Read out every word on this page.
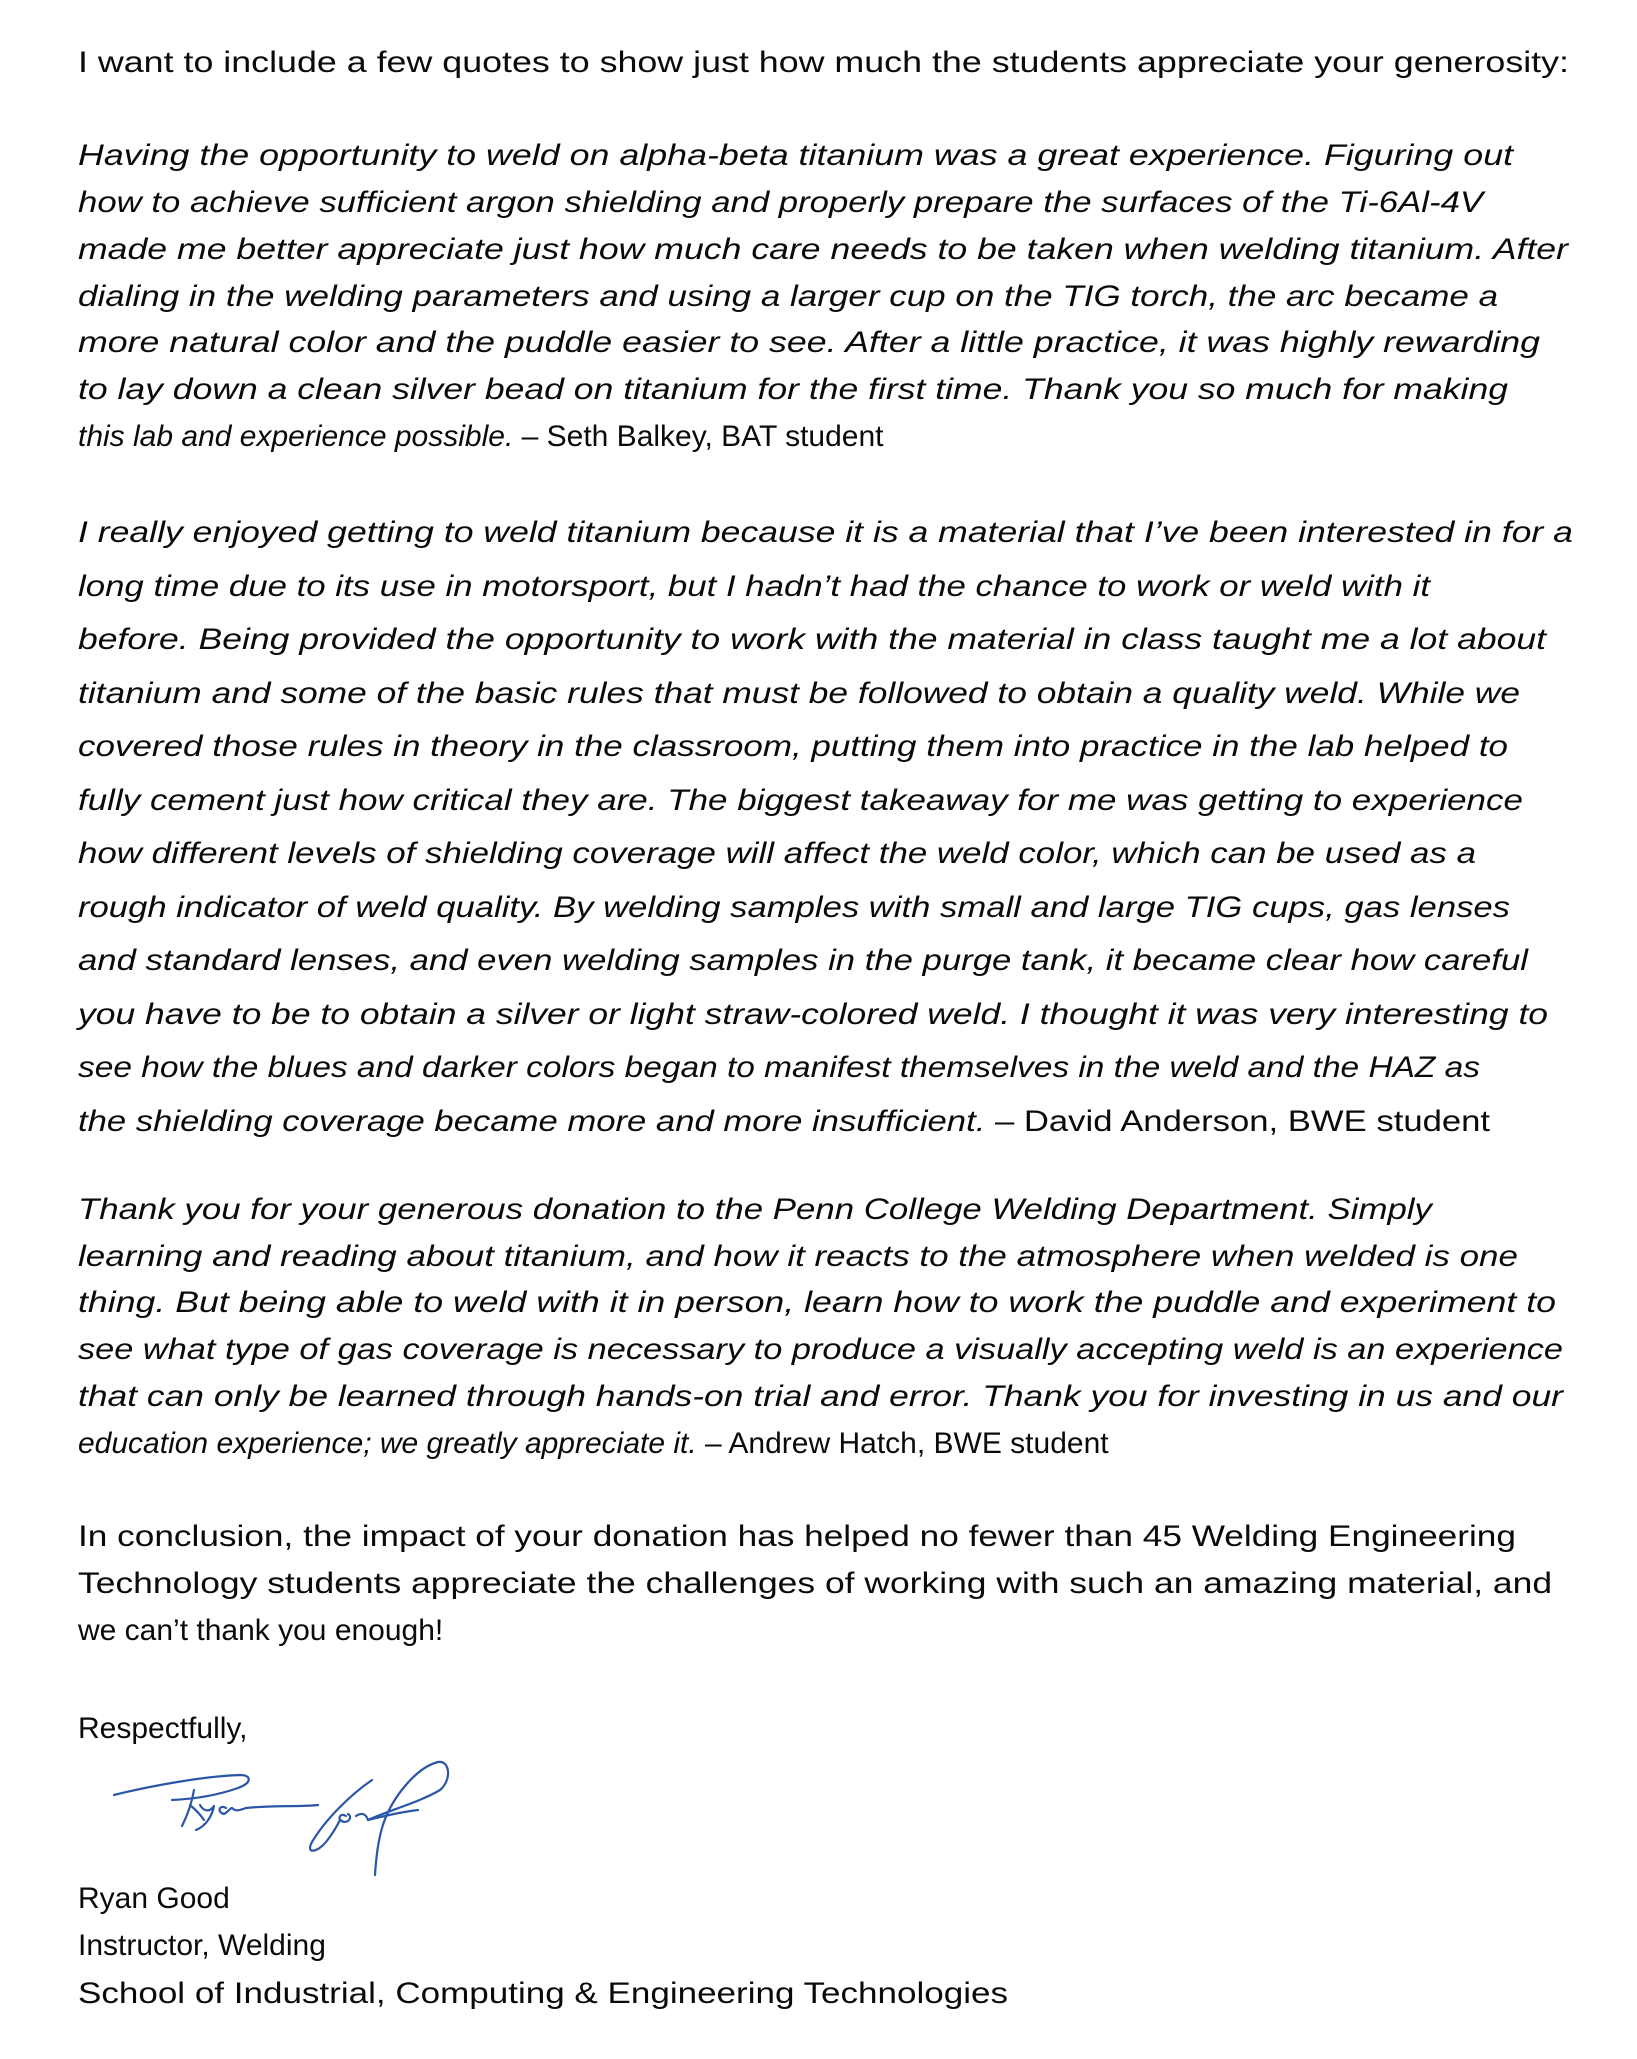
I want to include a few quotes to show just how much the students appreciate your generosity:
Having the opportunity to weld on alpha-beta titanium was a great experience. Figuring out
how to achieve sufficient argon shielding and properly prepare the surfaces of the Ti-6Al-4V
made me better appreciate just how much care needs to be taken when welding titanium. After
dialing in the welding parameters and using a larger cup on the TIG torch, the arc became a
more natural color and the puddle easier to see. After a little practice, it was highly rewarding
to lay down a clean silver bead on titanium for the first time. Thank you so much for making
this lab and experience possible. – Seth Balkey, BAT student
I really enjoyed getting to weld titanium because it is a material that I’ve been interested in for a
long time due to its use in motorsport, but I hadn’t had the chance to work or weld with it
before. Being provided the opportunity to work with the material in class taught me a lot about
titanium and some of the basic rules that must be followed to obtain a quality weld. While we
covered those rules in theory in the classroom, putting them into practice in the lab helped to
fully cement just how critical they are. The biggest takeaway for me was getting to experience
how different levels of shielding coverage will affect the weld color, which can be used as a
rough indicator of weld quality. By welding samples with small and large TIG cups, gas lenses
and standard lenses, and even welding samples in the purge tank, it became clear how careful
you have to be to obtain a silver or light straw-colored weld. I thought it was very interesting to
see how the blues and darker colors began to manifest themselves in the weld and the HAZ as
the shielding coverage became more and more insufficient. – David Anderson, BWE student
Thank you for your generous donation to the Penn College Welding Department. Simply
learning and reading about titanium, and how it reacts to the atmosphere when welded is one
thing. But being able to weld with it in person, learn how to work the puddle and experiment to
see what type of gas coverage is necessary to produce a visually accepting weld is an experience
that can only be learned through hands-on trial and error. Thank you for investing in us and our
education experience; we greatly appreciate it. – Andrew Hatch, BWE student
In conclusion, the impact of your donation has helped no fewer than 45 Welding Engineering
Technology students appreciate the challenges of working with such an amazing material, and
we can’t thank you enough!
Respectfully,
Ryan Good
Instructor, Welding
School of Industrial, Computing & Engineering Technologies
